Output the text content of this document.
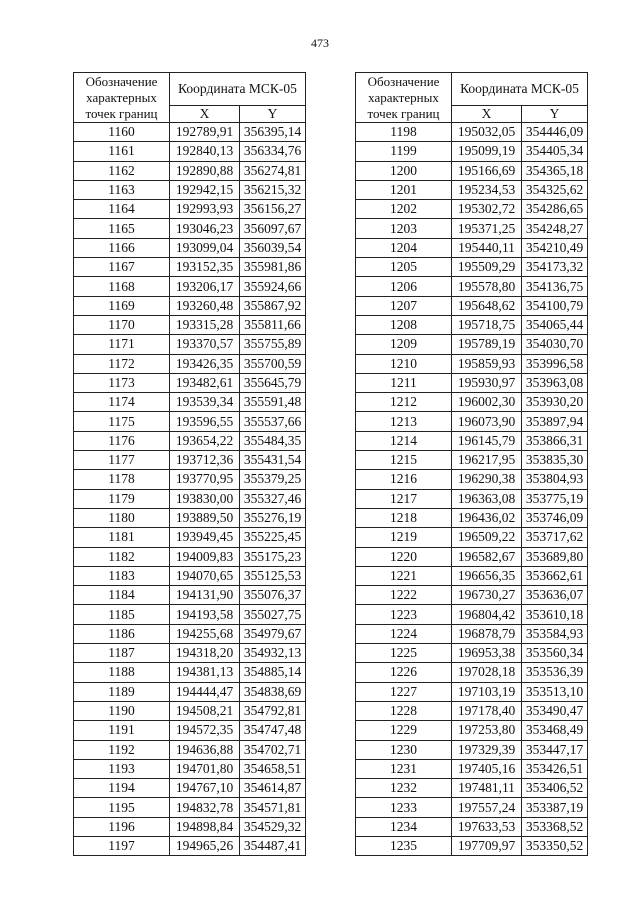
473
Обозначение характерных точек границ	Координата МСК-05	
	X	Y
1160	192789,91	356395,14
1161	192840,13	356334,76
1162	192890,88	356274,81
1163	192942,15	356215,32
1164	192993,93	356156,27
1165	193046,23	356097,67
1166	193099,04	356039,54
1167	193152,35	355981,86
1168	193206,17	355924,66
1169	193260,48	355867,92
1170	193315,28	355811,66
1171	193370,57	355755,89
1172	193426,35	355700,59
1173	193482,61	355645,79
1174	193539,34	355591,48
1175	193596,55	355537,66
1176	193654,22	355484,35
1177	193712,36	355431,54
1178	193770,95	355379,25
1179	193830,00	355327,46
1180	193889,50	355276,19
1181	193949,45	355225,45
1182	194009,83	355175,23
1183	194070,65	355125,53
1184	194131,90	355076,37
1185	194193,58	355027,75
1186	194255,68	354979,67
1187	194318,20	354932,13
1188	194381,13	354885,14
1189	194444,47	354838,69
1190	194508,21	354792,81
1191	194572,35	354747,48
1192	194636,88	354702,71
1193	194701,80	354658,51
1194	194767,10	354614,87
1195	194832,78	354571,81
1196	194898,84	354529,32
1197	194965,26	354487,41
Обозначение характерных точек границ	Координата МСК-05	
	X	Y
1198	195032,05	354446,09
1199	195099,19	354405,34
1200	195166,69	354365,18
1201	195234,53	354325,62
1202	195302,72	354286,65
1203	195371,25	354248,27
1204	195440,11	354210,49
1205	195509,29	354173,32
1206	195578,80	354136,75
1207	195648,62	354100,79
1208	195718,75	354065,44
1209	195789,19	354030,70
1210	195859,93	353996,58
1211	195930,97	353963,08
1212	196002,30	353930,20
1213	196073,90	353897,94
1214	196145,79	353866,31
1215	196217,95	353835,30
1216	196290,38	353804,93
1217	196363,08	353775,19
1218	196436,02	353746,09
1219	196509,22	353717,62
1220	196582,67	353689,80
1221	196656,35	353662,61
1222	196730,27	353636,07
1223	196804,42	353610,18
1224	196878,79	353584,93
1225	196953,38	353560,34
1226	197028,18	353536,39
1227	197103,19	353513,10
1228	197178,40	353490,47
1229	197253,80	353468,49
1230	197329,39	353447,17
1231	197405,16	353426,51
1232	197481,11	353406,52
1233	197557,24	353387,19
1234	197633,53	353368,52
1235	197709,97	353350,52
